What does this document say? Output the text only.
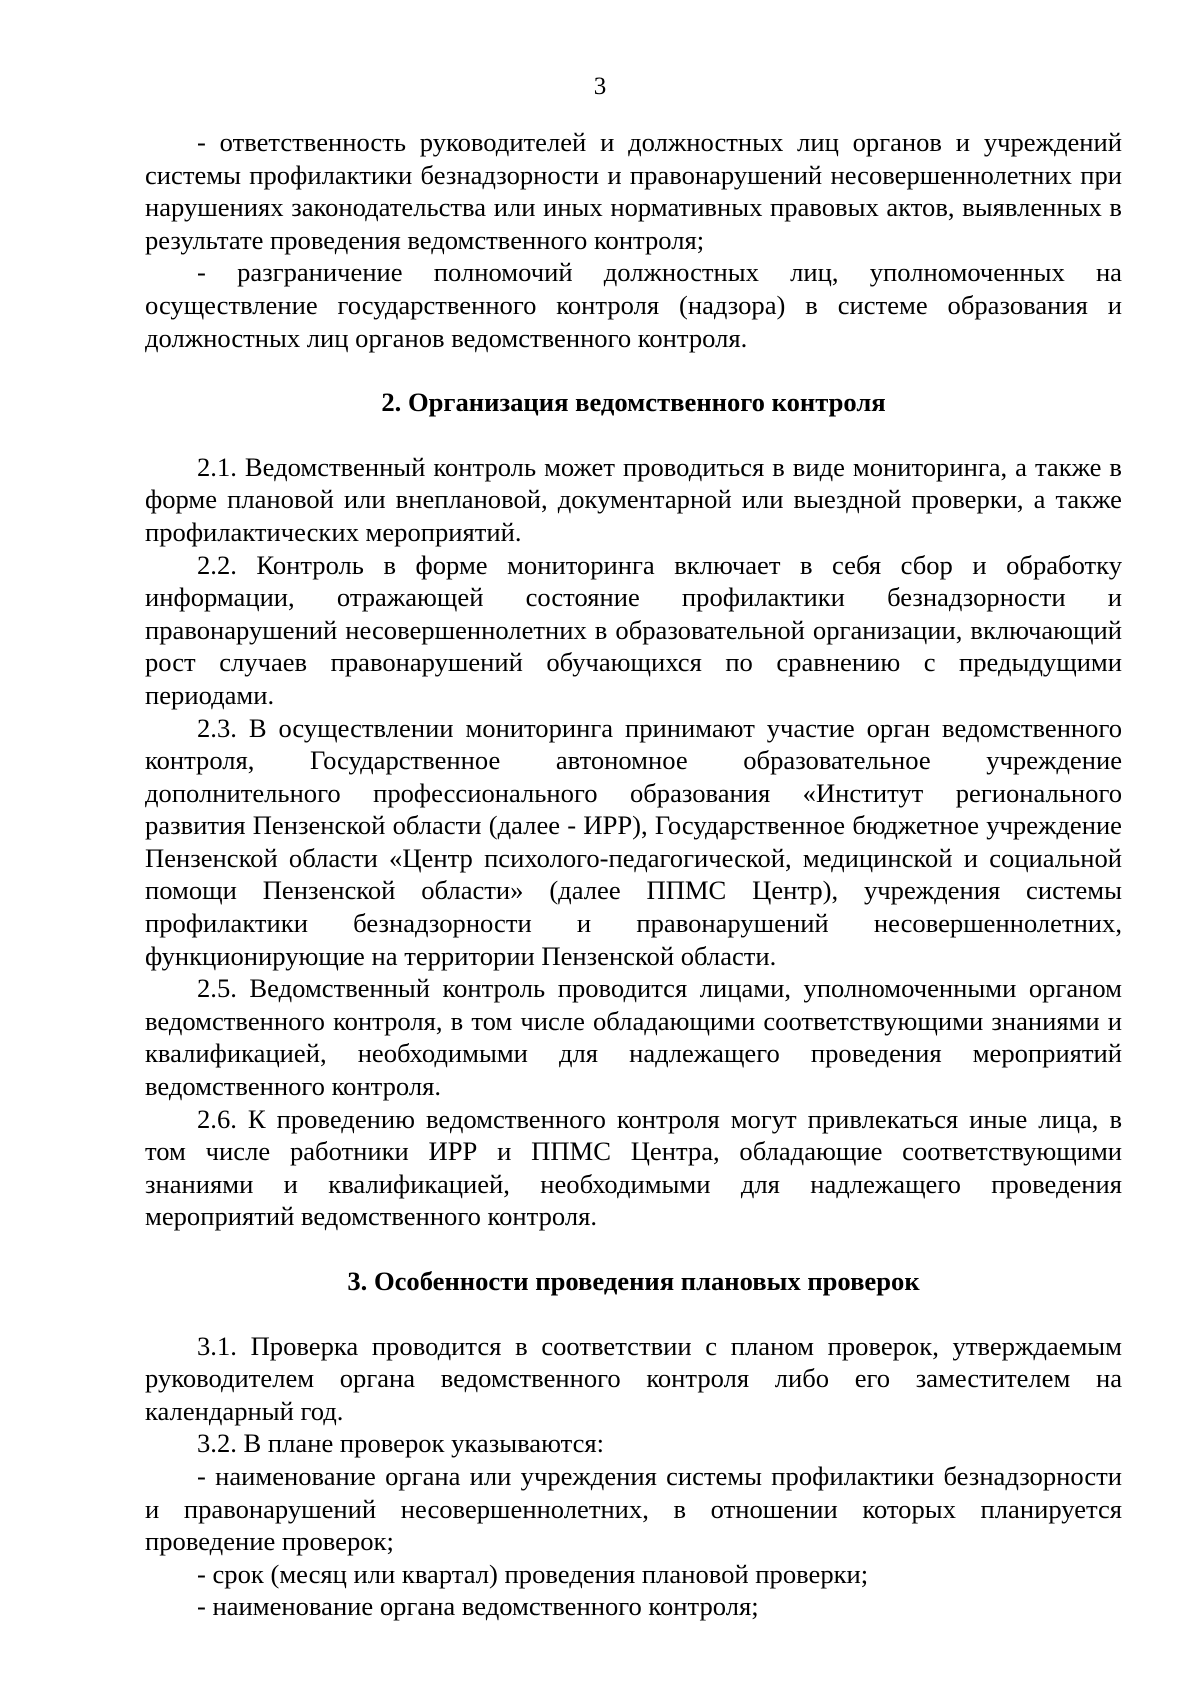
3

- ответственность руководителей и должностных лиц органов и учреждений системы профилактики безнадзорности и правонарушений несовершеннолетних при нарушениях законодательства или иных нормативных правовых актов, выявленных в результате проведения ведомственного контроля;

- разграничение полномочий должностных лиц, уполномоченных на осуществление государственного контроля (надзора) в системе образования и должностных лиц органов ведомственного контроля.

2. Организация ведомственного контроля

2.1. Ведомственный контроль может проводиться в виде мониторинга, а также в форме плановой или внеплановой, документарной или выездной проверки, а также профилактических мероприятий.

2.2. Контроль в форме мониторинга включает в себя сбор и обработку информации, отражающей состояние профилактики безнадзорности и правонарушений несовершеннолетних в образовательной организации, включающий рост случаев правонарушений обучающихся по сравнению с предыдущими периодами.

2.3. В осуществлении мониторинга принимают участие орган ведомственного контроля, Государственное автономное образовательное учреждение дополнительного профессионального образования «Институт регионального развития Пензенской области (далее - ИРР), Государственное бюджетное учреждение Пензенской области «Центр психолого-педагогической, медицинской и социальной помощи Пензенской области» (далее ППМС Центр), учреждения системы профилактики безнадзорности и правонарушений несовершеннолетних, функционирующие на территории Пензенской области.

2.5. Ведомственный контроль проводится лицами, уполномоченными органом ведомственного контроля, в том числе обладающими соответствующими знаниями и квалификацией, необходимыми для надлежащего проведения мероприятий ведомственного контроля.

2.6. К проведению ведомственного контроля могут привлекаться иные лица, в том числе работники ИРР и ППМС Центра, обладающие соответствующими знаниями и квалификацией, необходимыми для надлежащего проведения мероприятий ведомственного контроля.

3. Особенности проведения плановых проверок

3.1. Проверка проводится в соответствии с планом проверок, утверждаемым руководителем органа ведомственного контроля либо его заместителем на календарный год.

3.2. В плане проверок указываются:

- наименование органа или учреждения системы профилактики безнадзорности и правонарушений несовершеннолетних, в отношении которых планируется проведение проверок;

- срок (месяц или квартал) проведения плановой проверки;

- наименование органа ведомственного контроля;
